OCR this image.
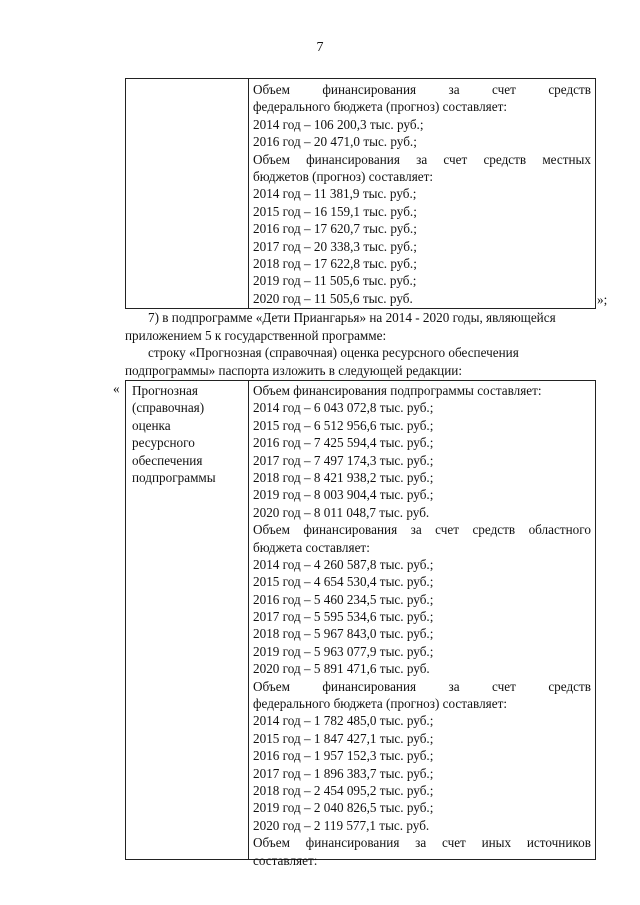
7
Объем финансирования за счет средств
федерального бюджета (прогноз) составляет:
2014 год – 106 200,3 тыс. руб.;
2016 год – 20 471,0 тыс. руб.;
Объем финансирования за счет средств местных
бюджетов (прогноз) составляет:
2014 год – 11 381,9 тыс. руб.;
2015 год – 16 159,1 тыс. руб.;
2016 год – 17 620,7 тыс. руб.;
2017 год – 20 338,3 тыс. руб.;
2018 год – 17 622,8 тыс. руб.;
2019 год – 11 505,6 тыс. руб.;
2020 год – 11 505,6 тыс. руб.	»;
7) в подпрограмме «Дети Приангарья» на 2014 - 2020 годы, являющейся
приложением 5 к государственной программе:
строку «Прогнозная (справочная) оценка ресурсного обеспечения
подпрограммы» паспорта изложить в следующей редакции:
« Прогнозная
(справочная)
оценка
ресурсного
обеспечения
подпрограммы
Объем финансирования подпрограммы составляет:
2014 год – 6 043 072,8 тыс. руб.;
2015 год – 6 512 956,6 тыс. руб.;
2016 год – 7 425 594,4 тыс. руб.;
2017 год – 7 497 174,3 тыс. руб.;
2018 год – 8 421 938,2 тыс. руб.;
2019 год – 8 003 904,4 тыс. руб.;
2020 год – 8 011 048,7 тыс. руб.
Объем финансирования за счет средств областного
бюджета составляет:
2014 год – 4 260 587,8 тыс. руб.;
2015 год – 4 654 530,4 тыс. руб.;
2016 год – 5 460 234,5 тыс. руб.;
2017 год – 5 595 534,6 тыс. руб.;
2018 год – 5 967 843,0 тыс. руб.;
2019 год – 5 963 077,9 тыс. руб.;
2020 год – 5 891 471,6 тыс. руб.
Объем финансирования за счет средств
федерального бюджета (прогноз) составляет:
2014 год – 1 782 485,0 тыс. руб.;
2015 год – 1 847 427,1 тыс. руб.;
2016 год – 1 957 152,3 тыс. руб.;
2017 год – 1 896 383,7 тыс. руб.;
2018 год – 2 454 095,2 тыс. руб.;
2019 год – 2 040 826,5 тыс. руб.;
2020 год – 2 119 577,1 тыс. руб.
Объем финансирования за счет иных источников
составляет:
